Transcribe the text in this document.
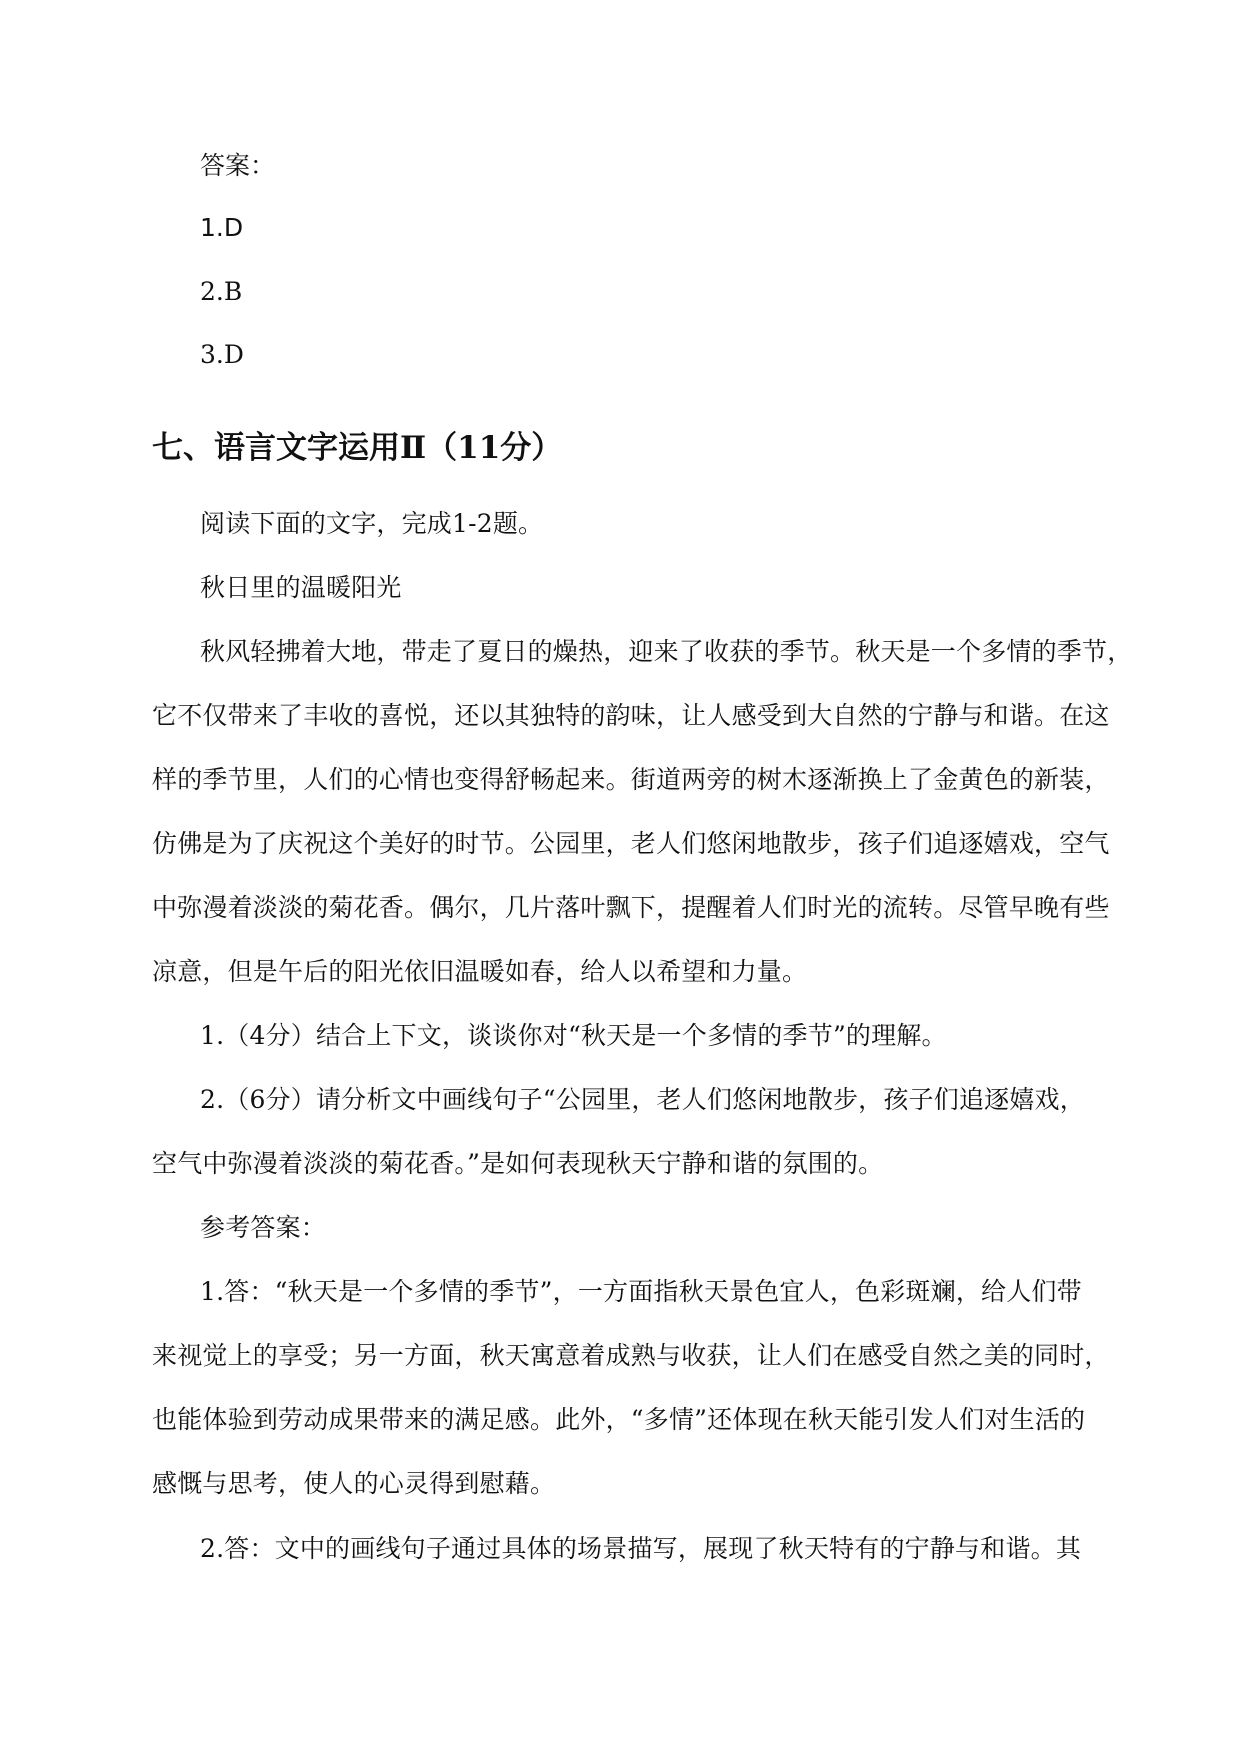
答案：
1.D
2.B
3.D
七、语言文字运用Ⅱ（11分）
阅读下面的文字，完成1-2题。
秋日里的温暖阳光
秋风轻拂着大地，带走了夏日的燥热，迎来了收获的季节。秋天是一个多情的季节，
它不仅带来了丰收的喜悦，还以其独特的韵味，让人感受到大自然的宁静与和谐。在这
样的季节里，人们的心情也变得舒畅起来。街道两旁的树木逐渐换上了金黄色的新装，
仿佛是为了庆祝这个美好的时节。公园里，老人们悠闲地散步，孩子们追逐嬉戏，空气
中弥漫着淡淡的菊花香。偶尔，几片落叶飘下，提醒着人们时光的流转。尽管早晚有些
凉意，但是午后的阳光依旧温暖如春，给人以希望和力量。
1.（4分）结合上下文，谈谈你对“秋天是一个多情的季节”的理解。
2.（6分）请分析文中画线句子“公园里，老人们悠闲地散步，孩子们追逐嬉戏，
空气中弥漫着淡淡的菊花香。”是如何表现秋天宁静和谐的氛围的。
参考答案：
1.答：“秋天是一个多情的季节”，一方面指秋天景色宜人，色彩斑斓，给人们带
来视觉上的享受；另一方面，秋天寓意着成熟与收获，让人们在感受自然之美的同时，
也能体验到劳动成果带来的满足感。此外，“多情”还体现在秋天能引发人们对生活的
感慨与思考，使人的心灵得到慰藉。
2.答：文中的画线句子通过具体的场景描写，展现了秋天特有的宁静与和谐。其
